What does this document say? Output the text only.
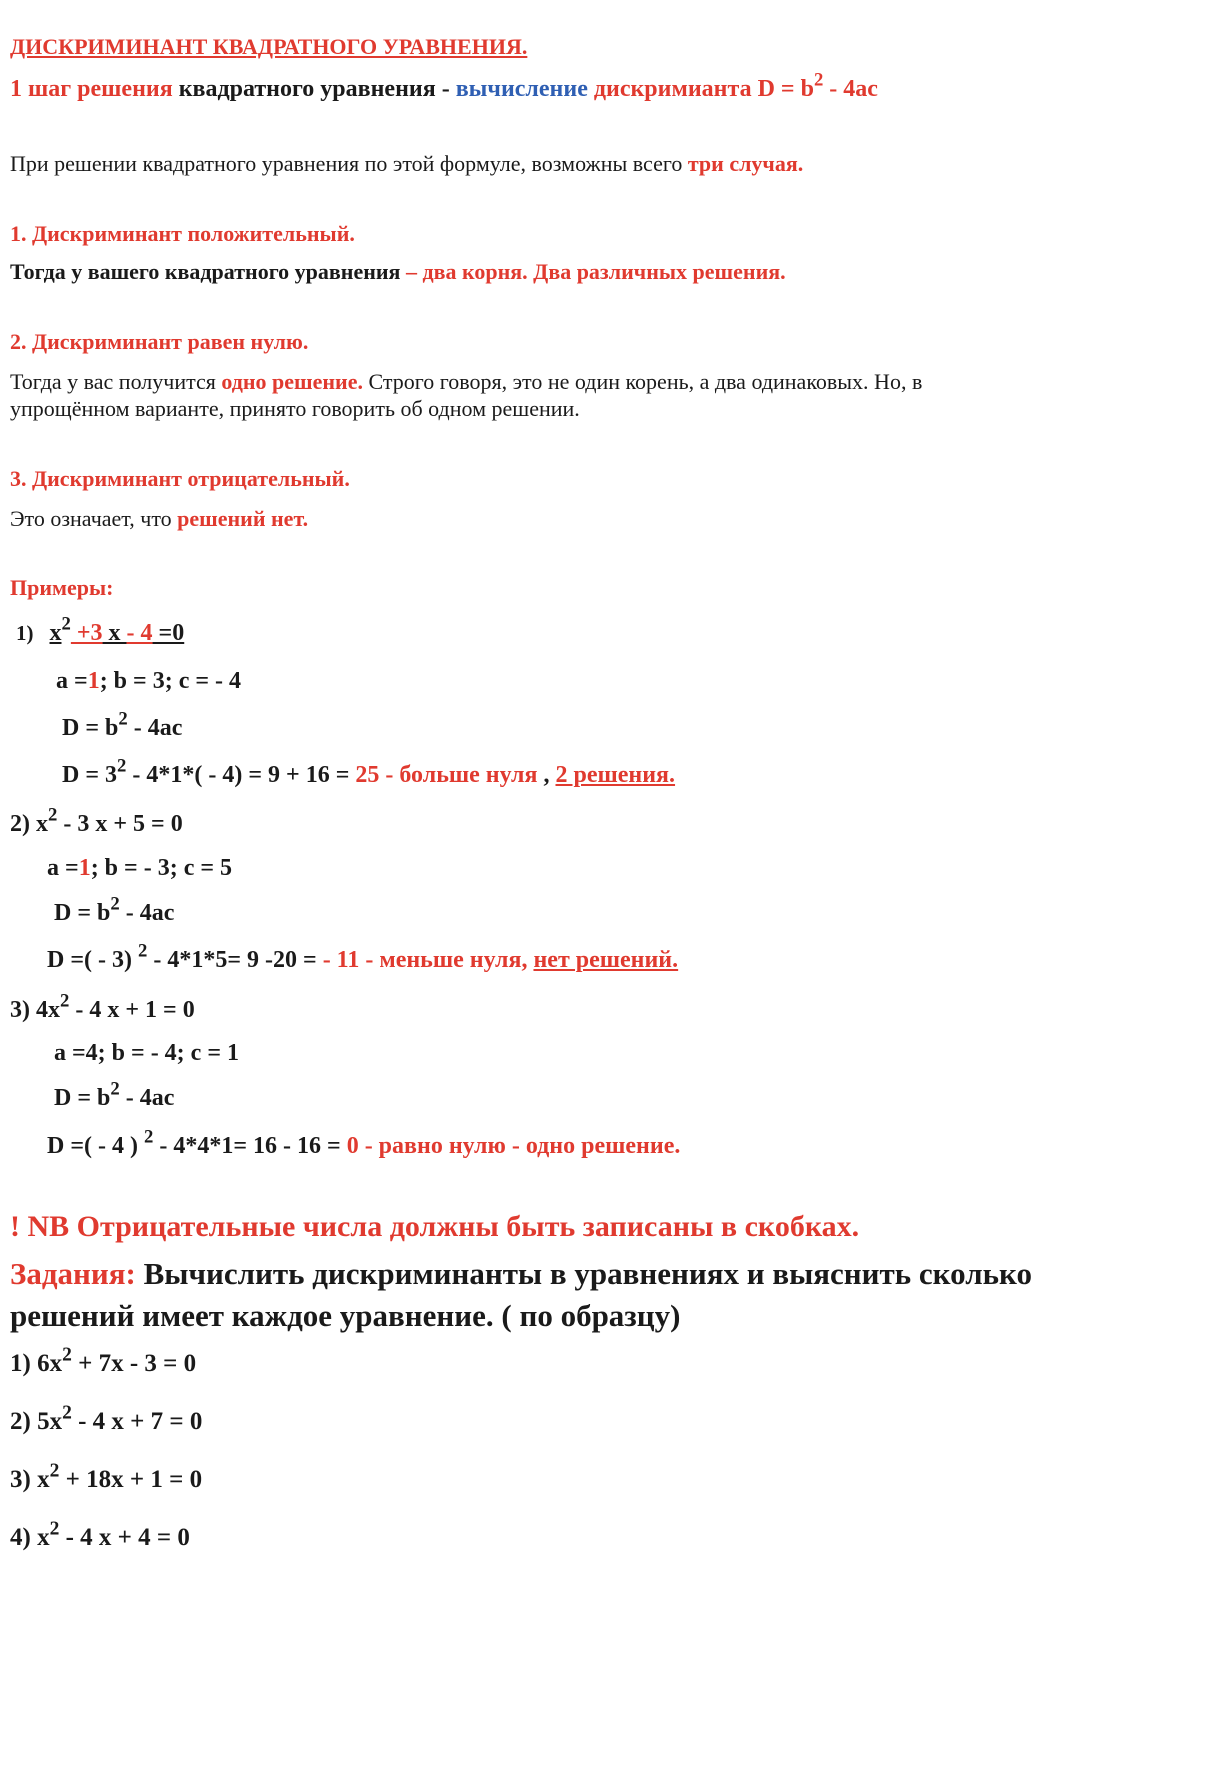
ДИСКРИМИНАНТ КВАДРАТНОГО УРАВНЕНИЯ.
1 шаг решения квадратного уравнения - вычисление дискримианта $D = b^2 - 4ac$
При решении квадратного уравнения по этой формуле, возможны всего три случая.
1. Дискриминант положительный.
Тогда у вашего квадратного уравнения – два корня. Два различных решения.
2. Дискриминант равен нулю.
Тогда у вас получится одно решение. Строго говоря, это не один корень, а два одинаковых. Но, в
упрощённом варианте, принято говорить об одном решении.
3. Дискриминант отрицательный.
Это означает, что решений нет.
Примеры:
1) $x^2 +3$ x - 4 =0
a =1; b = 3; c = - 4
$D = b^2 - 4ac$
$D = 3^2 - 4*1*( - 4) = 9 + 16 = 25$ - больше нуля , 2 решения.
2) $x^2 - 3$ x + 5 = 0
a =1; b = - 3; c = 5
$D = b^2 - 4ac$
D =( - 3) $^2$ - 4*1*5= 9 -20 = - 11 - меньше нуля, нет решений.
3) $4x^2 - 4$ x + 1 = 0
a =4; b = - 4; c = 1
$D = b^2 - 4ac$
D =( - 4 ) $^2$ - 4*4*1= 16 - 16 = 0 - равно нулю - одно решение.
! NB Отрицательные числа должны быть записаны в скобках.
Задания: Вычислить дискриминанты в уравнениях и выяснить сколько
решений имеет каждое уравнение. ( по образцу)
1) $6x^2 + 7x - 3 = 0$
2) $5x^2 - 4$ x + 7 = 0
3) $x^2 + 18x + 1 = 0$
4) $x^2 - 4$ x + 4 = 0
